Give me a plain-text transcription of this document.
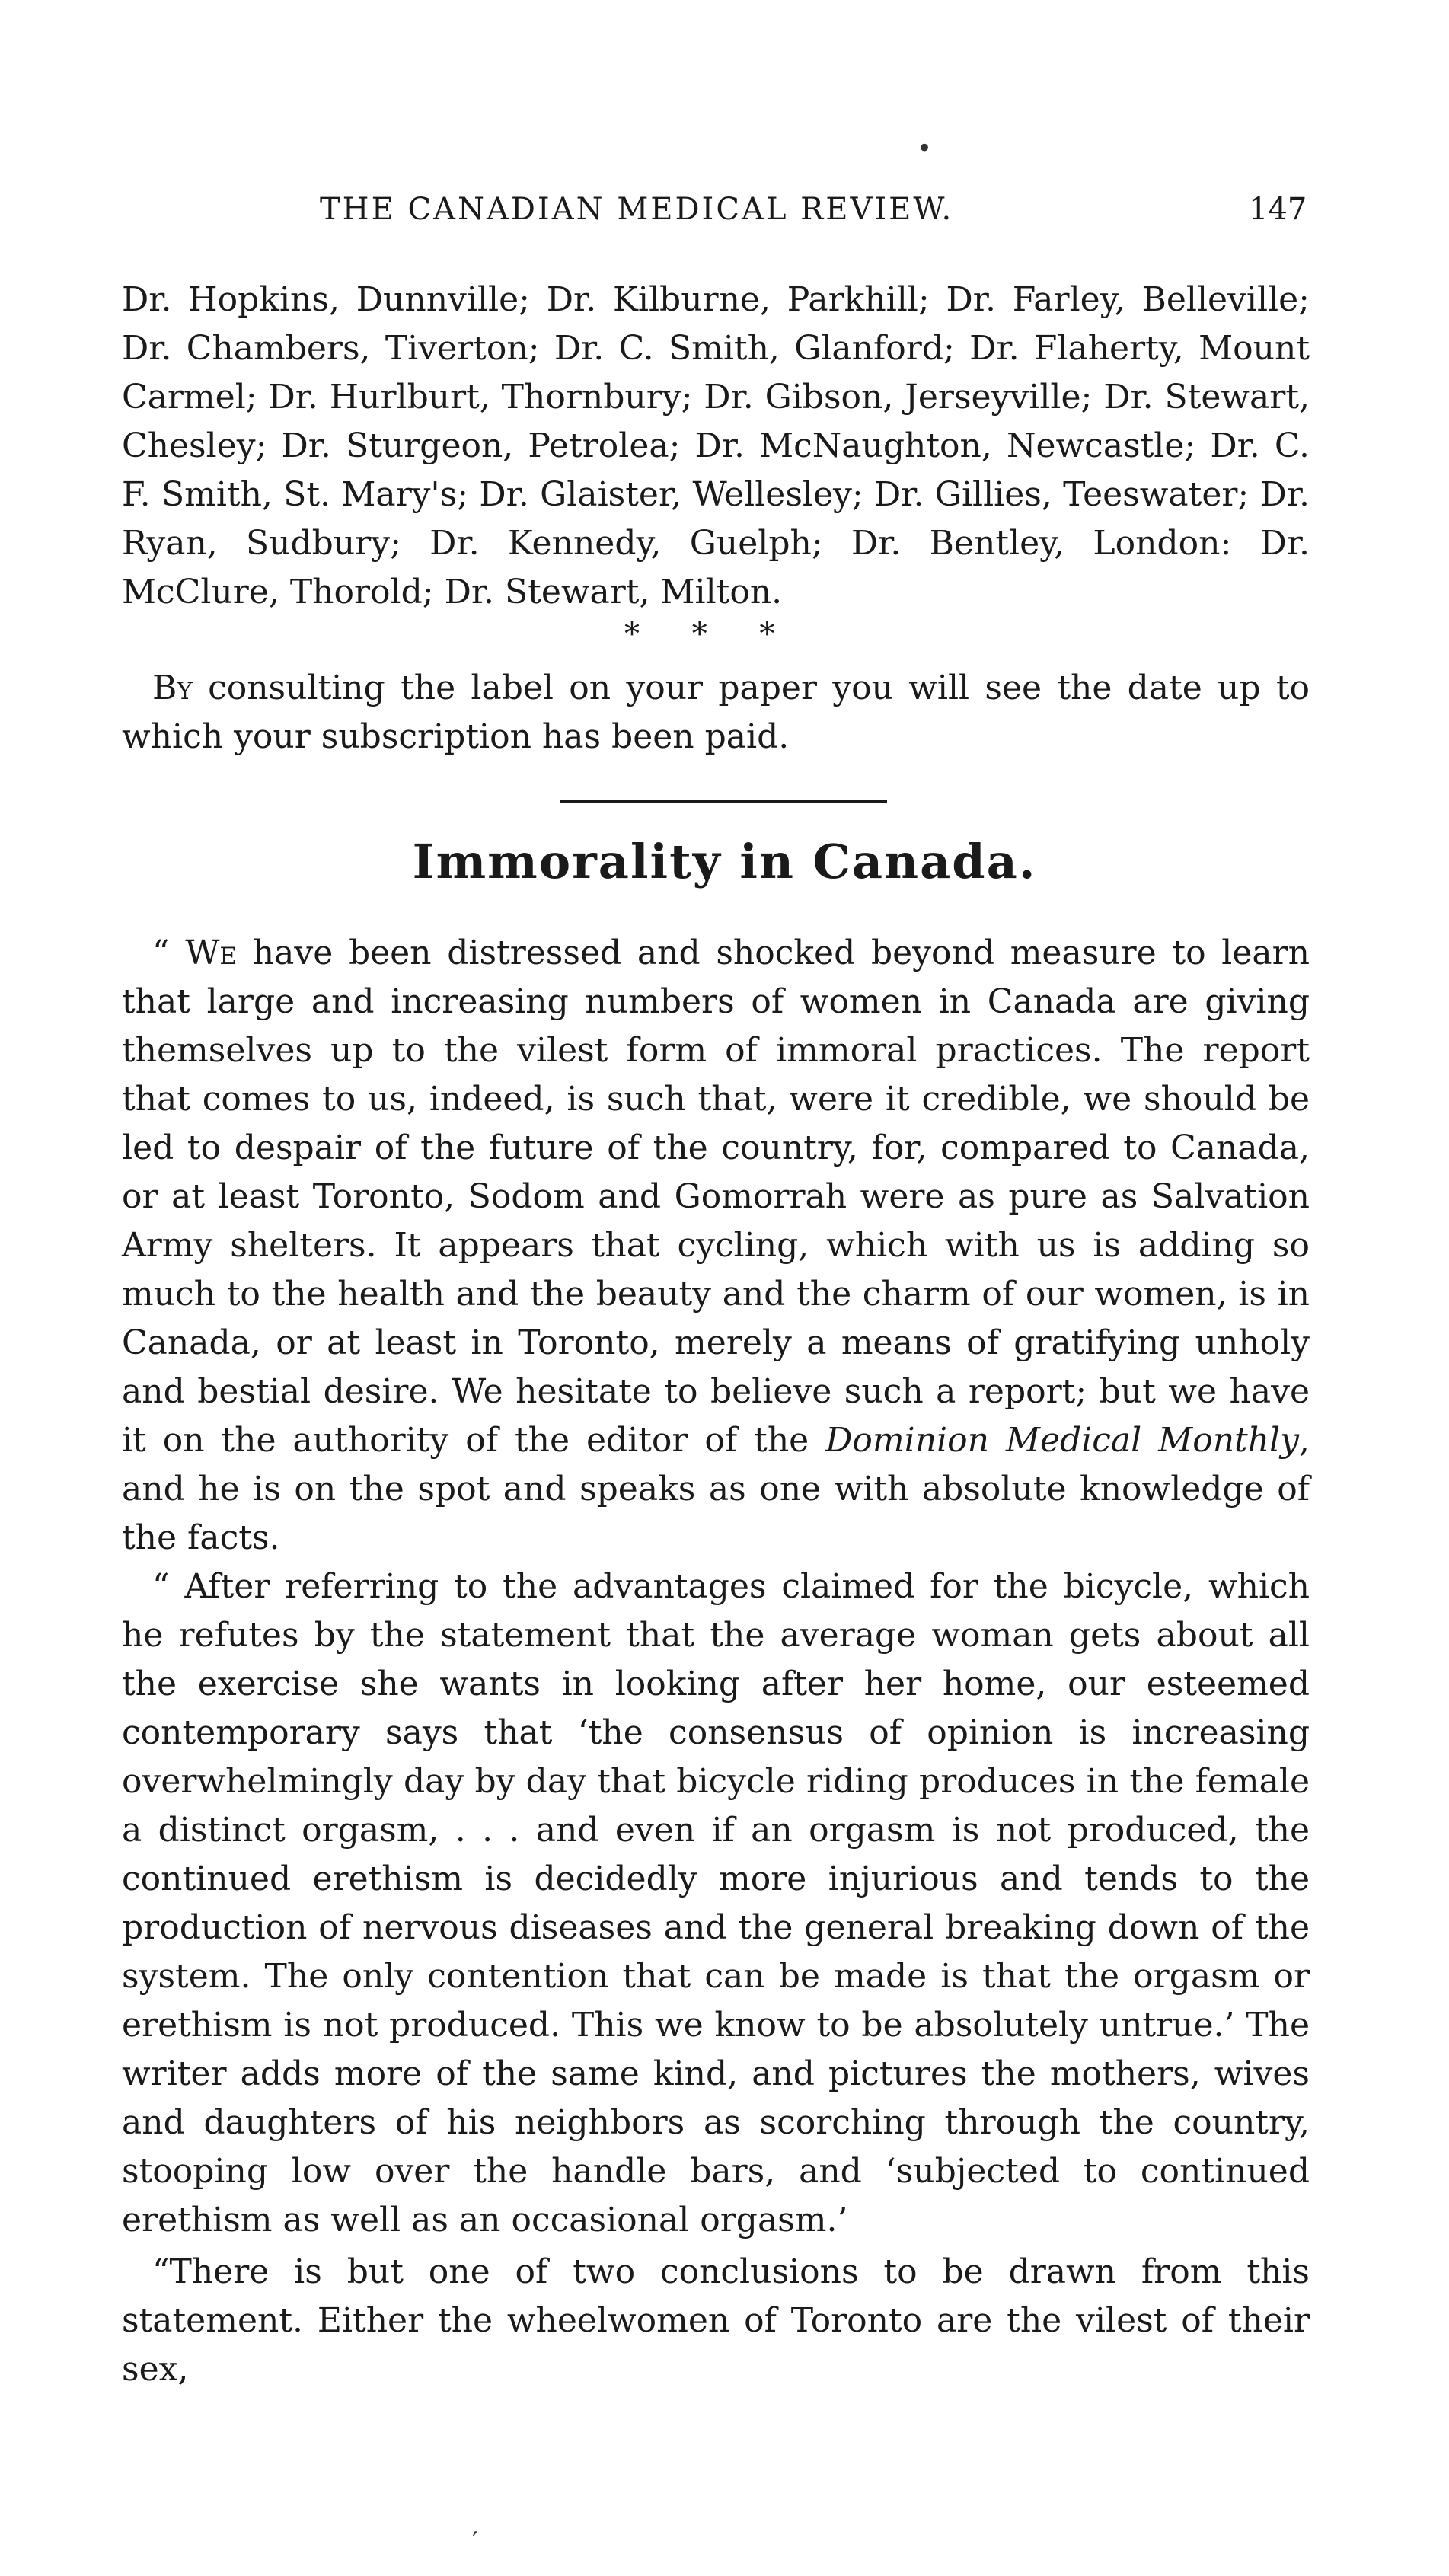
•
THE CANADIAN MEDICAL REVIEW.	147

Dr. Hopkins, Dunnville; Dr. Kilburne, Parkhill; Dr. Farley, Belleville; Dr. Chambers, Tiverton; Dr. C. Smith, Glanford; Dr. Flaherty, Mount Carmel; Dr. Hurlburt, Thornbury; Dr. Gibson, Jerseyville; Dr. Stewart, Chesley; Dr. Sturgeon, Petrolea; Dr. McNaughton, Newcastle; Dr. C. F. Smith, St. Mary's; Dr. Glaister, Wellesley; Dr. Gillies, Teeswater; Dr. Ryan, Sudbury; Dr. Kennedy, Guelph; Dr. Bentley, London: Dr. McClure, Thorold; Dr. Stewart, Milton.

* * *

By consulting the label on your paper you will see the date up to which your subscription has been paid.

Immorality in Canada.

“ We have been distressed and shocked beyond measure to learn that large and increasing numbers of women in Canada are giving themselves up to the vilest form of immoral practices. The report that comes to us, indeed, is such that, were it credible, we should be led to despair of the future of the country, for, compared to Canada, or at least Toronto, Sodom and Gomorrah were as pure as Salvation Army shelters. It appears that cycling, which with us is adding so much to the health and the beauty and the charm of our women, is in Canada, or at least in Toronto, merely a means of gratifying unholy and bestial desire. We hesitate to believe such a report; but we have it on the authority of the editor of the Dominion Medical Monthly, and he is on the spot and speaks as one with absolute knowledge of the facts.

“ After referring to the advantages claimed for the bicycle, which he refutes by the statement that the average woman gets about all the exercise she wants in looking after her home, our esteemed contemporary says that ‘the consensus of opinion is increasing overwhelmingly day by day that bicycle riding produces in the female a distinct orgasm, . . . and even if an orgasm is not produced, the continued erethism is decidedly more injurious and tends to the production of nervous diseases and the general breaking down of the system. The only contention that can be made is that the orgasm or erethism is not produced. This we know to be absolutely untrue.’ The writer adds more of the same kind, and pictures the mothers, wives and daughters of his neighbors as scorching through the country, stooping low over the handle bars, and ‘subjected to continued erethism as well as an occasional orgasm.’

“There is but one of two conclusions to be drawn from this statement. Either the wheelwomen of Toronto are the vilest of their sex,

′
